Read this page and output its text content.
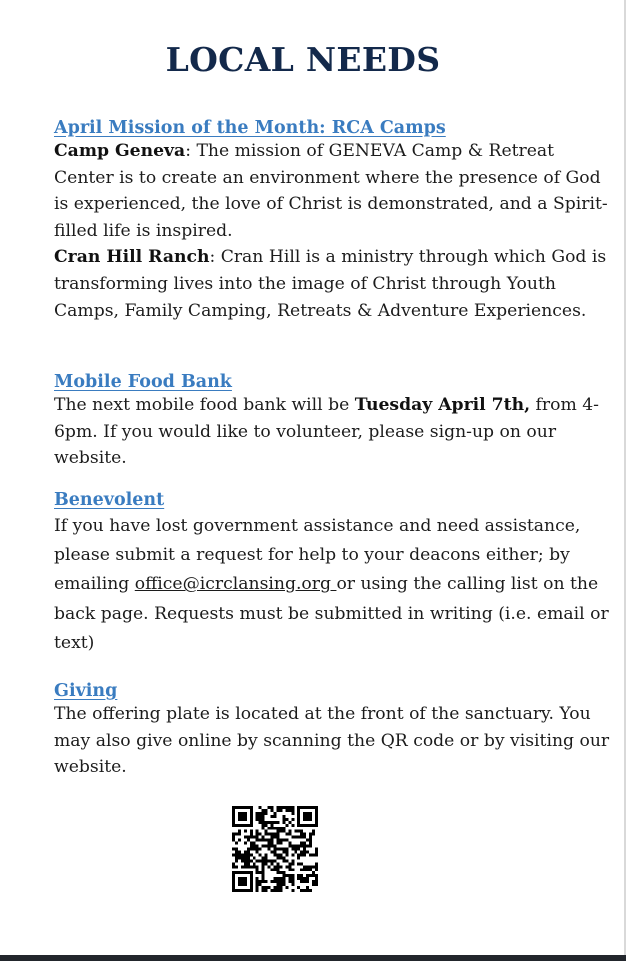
LOCAL NEEDS
April Mission of the Month: RCA Camps

Camp Geneva: The mission of GENEVA Camp & Retreat Center is to create an environment where the presence of God is experienced, the love of Christ is demonstrated, and a Spirit-filled life is inspired.
Cran Hill Ranch: Cran Hill is a ministry through which God is transforming lives into the image of Christ through Youth Camps, Family Camping, Retreats & Adventure Experiences.

Mobile Food Bank

The next mobile food bank will be Tuesday April 7th, from 4-6pm. If you would like to volunteer, please sign-up on our website.

Benevolent

If you have lost government assistance and need assistance, please submit a request for help to your deacons either; by emailing office@icrclansing.org or using the calling list on the back page. Requests must be submitted in writing (i.e. email or text)

Giving

The offering plate is located at the front of the sanctuary. You may also give online by scanning the QR code or by visiting our website.
